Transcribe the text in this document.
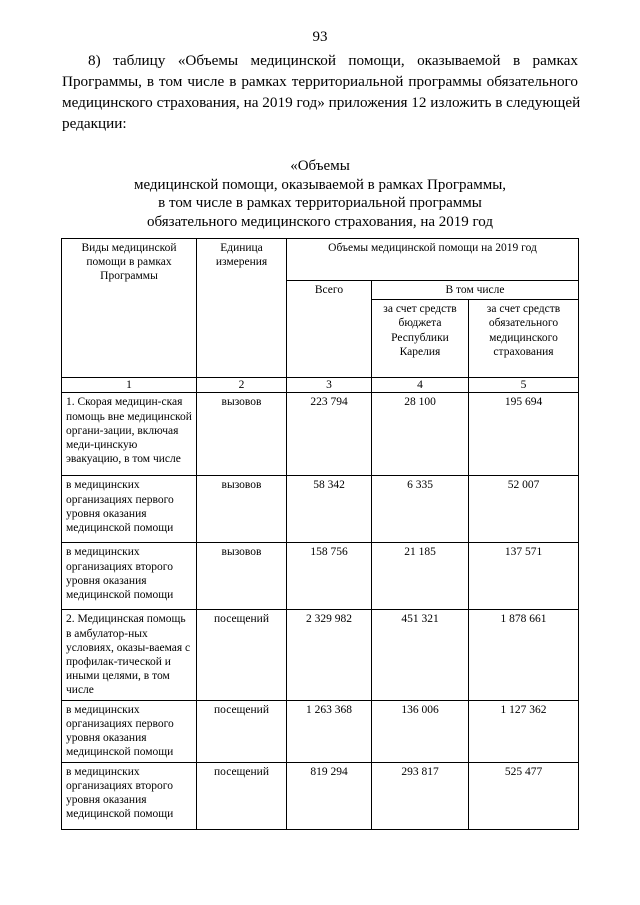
93
8) таблицу «Объемы медицинской помощи, оказываемой в рамках
Программы, в том числе в рамках территориальной программы обязательного
медицинского страхования, на 2019 год» приложения 12 изложить в следующей
редакции:
«Объемы
медицинской помощи, оказываемой в рамках Программы,
в том числе в рамках территориальной программы
обязательного медицинского страхования, на 2019 год
Виды медицинской помощи в рамках Программы	Единица измерения	Объемы медицинской помощи на 2019 год		
		Всего	В том числе	
			за счет средств бюджета Республики Карелия	за счет средств обязательного медицинского страхования
1	2	3	4	5
1. Скорая медицин-ская помощь вне медицинской органи-зации, включая меди-цинскую эвакуацию, в том числе	вызовов	223 794	28 100	195 694
в медицинских организациях первого уровня оказания медицинской помощи	вызовов	58 342	6 335	52 007
в медицинских организациях второго уровня оказания медицинской помощи	вызовов	158 756	21 185	137 571
2. Медицинская помощь в амбулатор-ных условиях, оказы-ваемая с профилак-тической и иными целями, в том числе	посещений	2 329 982	451 321	1 878 661
в медицинских организациях первого уровня оказания медицинской помощи	посещений	1 263 368	136 006	1 127 362
в медицинских организациях второго уровня оказания медицинской помощи	посещений	819 294	293 817	525 477
